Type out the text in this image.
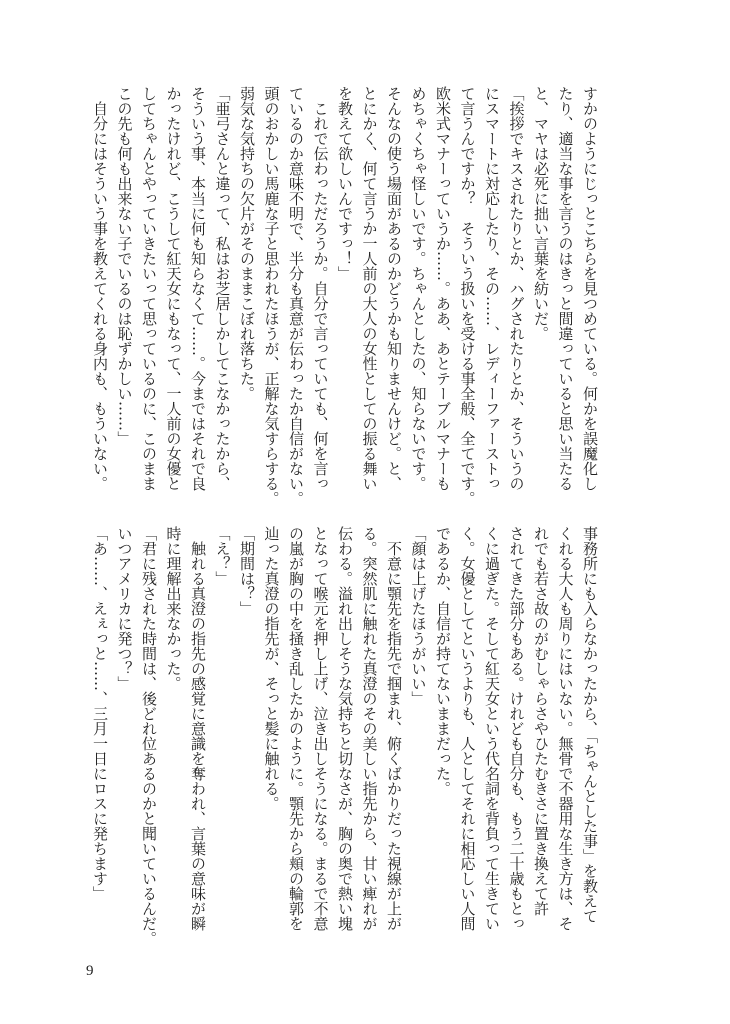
すかのようにじっとこちらを見つめている。何かを誤魔化し
たり、適当な事を言うのはきっと間違っていると思い当たる
と、マヤは必死に拙い言葉を紡いだ。
「挨拶でキスされたりとか、ハグされたりとか、そういうの
にスマートに対応したり、その……、レディーファーストっ
て言うんですか？　そういう扱いを受ける事全般、全てです。
欧米式マナーっていうか……。ああ、あとテーブルマナーも
めちゃくちゃ怪しいです。ちゃんとしたの、知らないです。
そんなの使う場面があるのかどうかも知りませんけど。と、
とにかく、何て言うか一人前の大人の女性としての振る舞い
を教えて欲しいんですっ！」
　これで伝わっただろうか。自分で言っていても、何を言っ
ているのか意味不明で、半分も真意が伝わったか自信がない。
頭のおかしい馬鹿な子と思われたほうが、正解な気すらする。
弱気な気持ちの欠片がそのままこぼれ落ちた。
「亜弓さんと違って、私はお芝居しかしてこなかったから、
そういう事、本当に何も知らなくて……。今まではそれで良
かったけれど、こうして紅天女にもなって、一人前の女優と
してちゃんとやっていきたいって思っているのに、このまま
この先も何も出来ない子でいるのは恥ずかしい……」
　自分にはそういう事を教えてくれる身内も、もういない。
事務所にも入らなかったから、「ちゃんとした事」を教えて
くれる大人も周りにはいない。無骨で不器用な生き方は、そ
れでも若さ故のがむしゃらさやひたむきさに置き換えて許
されてきた部分もある。けれども自分も、もう二十歳もとっ
くに過ぎた。そして紅天女という代名詞を背負って生きてい
く。女優としてというよりも、人としてそれに相応しい人間
であるか、自信が持てないままだった。
「顔は上げたほうがいい」
　不意に顎先を指先で掴まれ、俯くばかりだった視線が上が
る。突然肌に触れた真澄のその美しい指先から、甘い痺れが
伝わる。溢れ出しそうな気持ちと切なさが、胸の奥で熱い塊
となって喉元を押し上げ、泣き出しそうになる。まるで不意
の嵐が胸の中を掻き乱したかのように。顎先から頬の輪郭を
辿った真澄の指先が、そっと髪に触れる。
「期間は？」
「え？」
　触れる真澄の指先の感覚に意識を奪われ、言葉の意味が瞬
時に理解出来なかった。
「君に残された時間は、後どれ位あるのかと聞いているんだ。
いつアメリカに発つ？」
「あ……、えぇっと……、三月一日にロスに発ちます」
9
